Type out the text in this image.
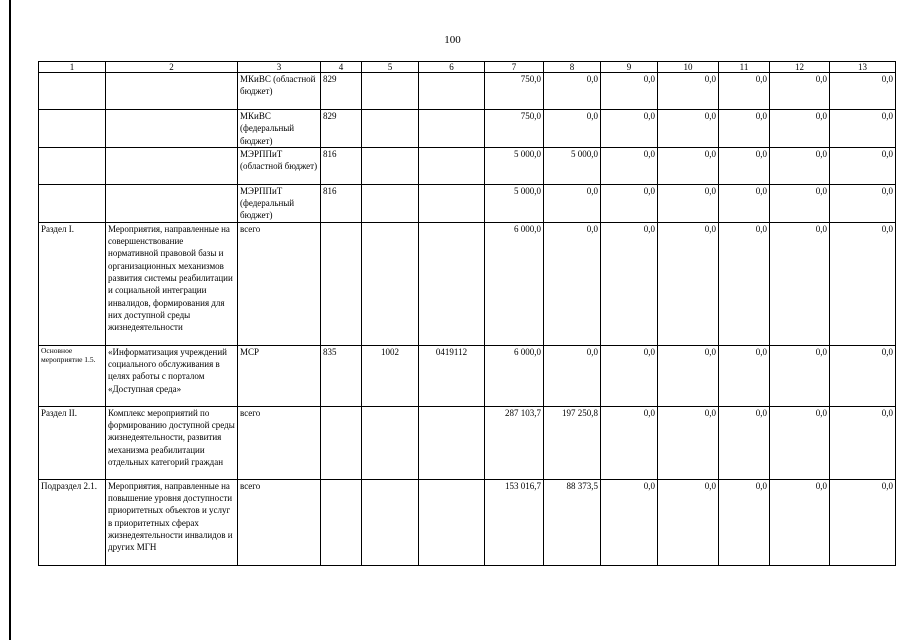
100
1	2	3	4	5	6	7	8	9	10	11	12	13
		МКиВС (областной бюджет)	829			750,0	0,0	0,0	0,0	0,0	0,0	0,0
		МКиВС (федеральный бюджет)	829			750,0	0,0	0,0	0,0	0,0	0,0	0,0
		МЭРППиТ (областной бюджет)	816			5 000,0	5 000,0	0,0	0,0	0,0	0,0	0,0
		МЭРППиТ (федеральный бюджет)	816			5 000,0	0,0	0,0	0,0	0,0	0,0	0,0
Раздел I.	Мероприятия, направленные на совершенствование нормативной правовой базы и организационных механизмов развития системы реабилитации и социальной интеграции инвалидов, формирования для них доступной среды жизнедеятельности	всего				6 000,0	0,0	0,0	0,0	0,0	0,0	0,0
Основное мероприятие 1.5.	«Информатизация учреждений социального обслуживания в целях работы с порталом «Доступная среда»	МСР	835	1002	0419112	6 000,0	0,0	0,0	0,0	0,0	0,0	0,0
Раздел II.	Комплекс мероприятий по формированию доступной среды жизнедеятельности, развития механизма реабилитации отдельных категорий граждан	всего				287 103,7	197 250,8	0,0	0,0	0,0	0,0	0,0
Подраздел 2.1.	Мероприятия, направленные на повышение уровня доступности приоритетных объектов и услуг в приоритетных сферах жизнедеятельности инвалидов и других МГН	всего				153 016,7	88 373,5	0,0	0,0	0,0	0,0	0,0
